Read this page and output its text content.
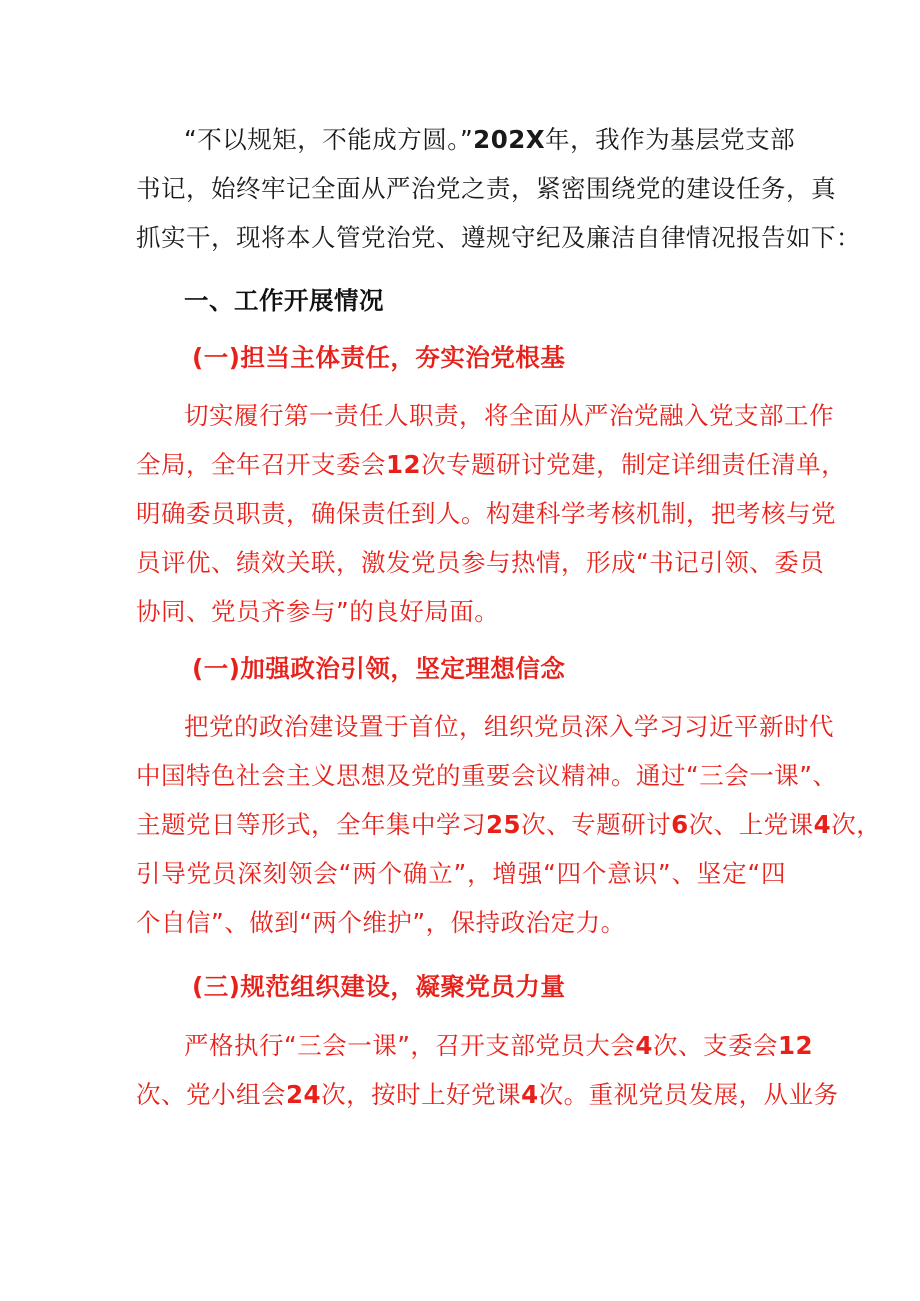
“不以规矩，不能成方圆。”202X年，我作为基层党支部
书记，始终牢记全面从严治党之责，紧密围绕党的建设任务，真
抓实干，现将本人管党治党、遵规守纪及廉洁自律情况报告如下：
一、工作开展情况
(一)担当主体责任，夯实治党根基
切实履行第一责任人职责，将全面从严治党融入党支部工作
全局，全年召开支委会12次专题研讨党建，制定详细责任清单，
明确委员职责，确保责任到人。构建科学考核机制，把考核与党
员评优、绩效关联，激发党员参与热情，形成“书记引领、委员
协同、党员齐参与”的良好局面。
(一)加强政治引领，坚定理想信念
把党的政治建设置于首位，组织党员深入学习习近平新时代
中国特色社会主义思想及党的重要会议精神。通过“三会一课”、
主题党日等形式，全年集中学习25次、专题研讨6次、上党课4次，
引导党员深刻领会“两个确立”，增强“四个意识”、坚定“四
个自信”、做到“两个维护”，保持政治定力。
(三)规范组织建设，凝聚党员力量
严格执行“三会一课”，召开支部党员大会4次、支委会12
次、党小组会24次，按时上好党课4次。重视党员发展，从业务
